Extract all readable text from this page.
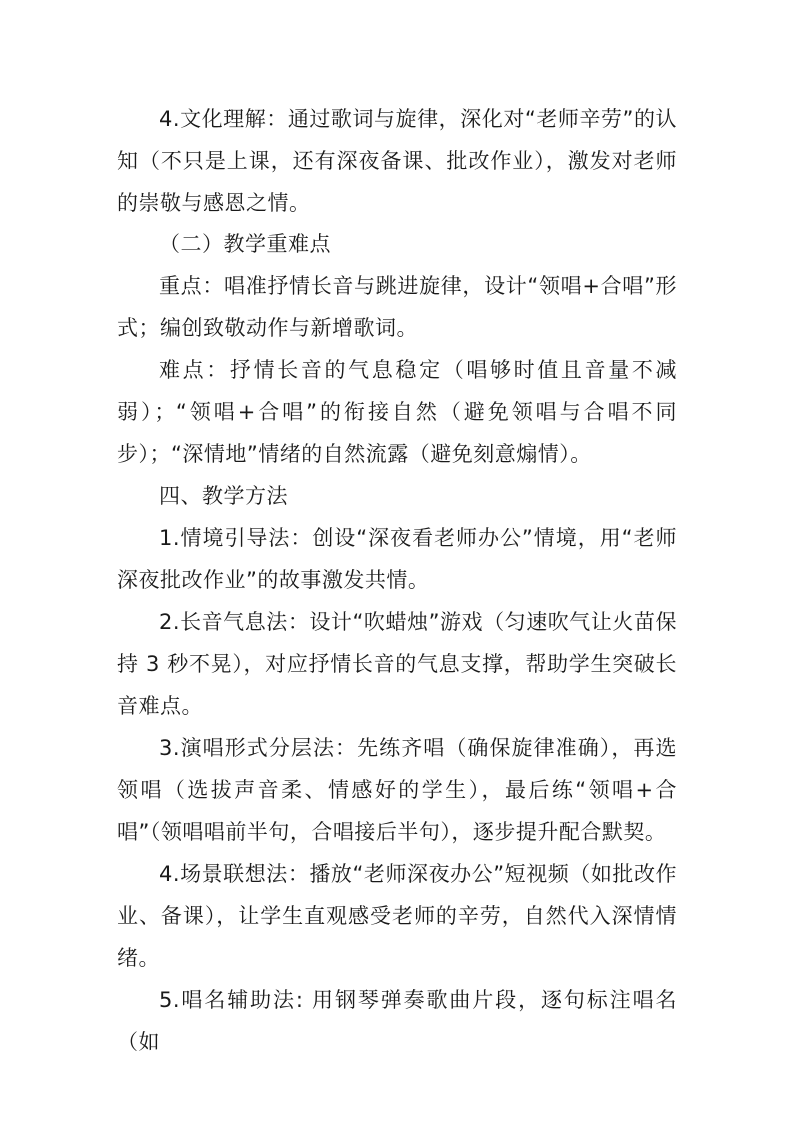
4.文化理解：通过歌词与旋律，深化对“老师辛劳”的认知（不只是上课，还有深夜备课、批改作业），激发对老师的崇敬与感恩之情。

（二）教学重难点

重点：唱准抒情长音与跳进旋律，设计“领唱+合唱”形式；编创致敬动作与新增歌词。

难点：抒情长音的气息稳定（唱够时值且音量不减弱）；“领唱+合唱”的衔接自然（避免领唱与合唱不同步）；“深情地”情绪的自然流露（避免刻意煽情）。

四、教学方法

1.情境引导法：创设“深夜看老师办公”情境，用“老师深夜批改作业”的故事激发共情。

2.长音气息法：设计“吹蜡烛”游戏（匀速吹气让火苗保持 3 秒不晃），对应抒情长音的气息支撑，帮助学生突破长音难点。

3.演唱形式分层法：先练齐唱（确保旋律准确），再选领唱（选拔声音柔、情感好的学生），最后练“领唱+合唱”（领唱唱前半句，合唱接后半句），逐步提升配合默契。

4.场景联想法：播放“老师深夜办公”短视频（如批改作业、备课），让学生直观感受老师的辛劳，自然代入深情情绪。

5.唱名辅助法: 用钢琴弹奏歌曲片段，逐句标注唱名（如
